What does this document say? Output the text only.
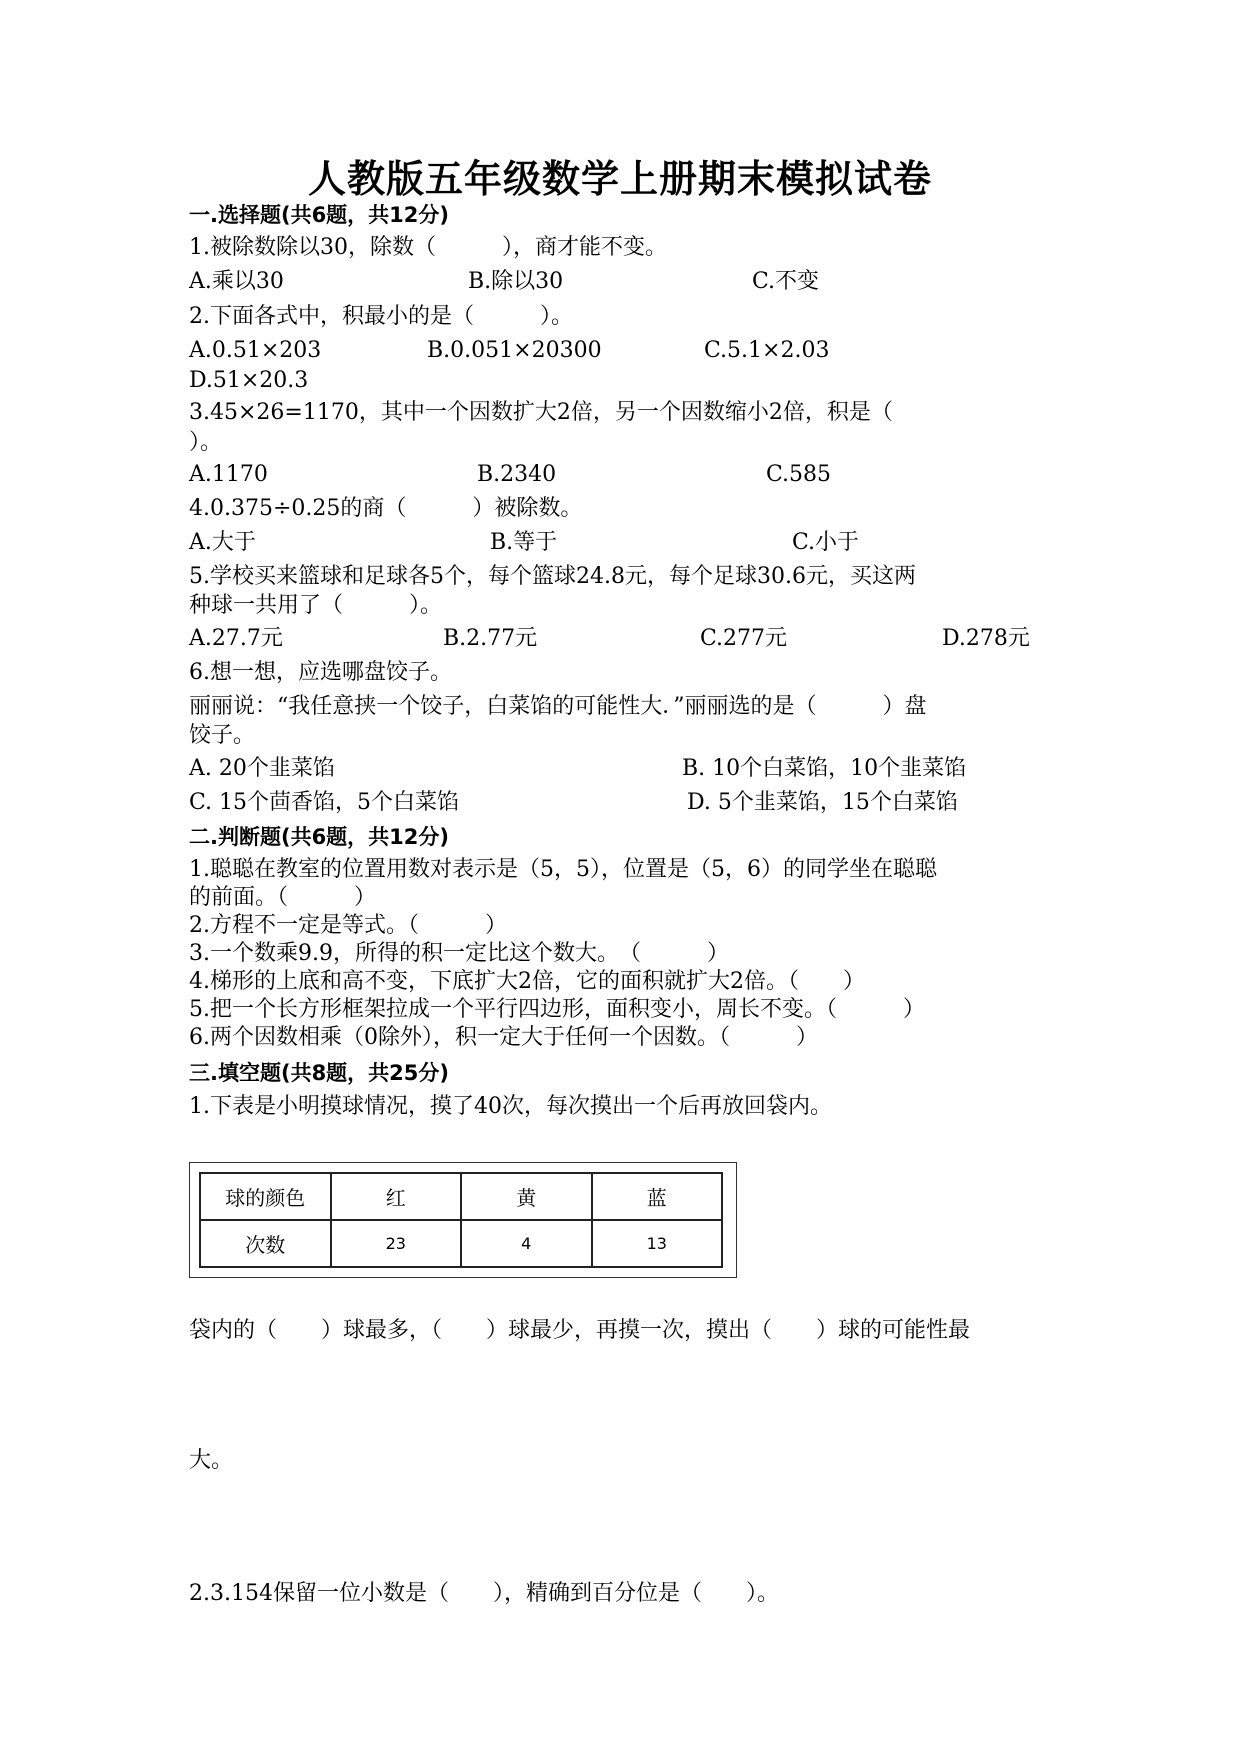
人教版五年级数学上册期末模拟试卷
一.选择题(共6题，共12分)
1.被除数除以30，除数（　　　），商才能不变。
A.乘以30	B.除以30	C.不变
2.下面各式中，积最小的是（　　　）。
A.0.51×203	B.0.051×20300	C.5.1×2.03
D.51×20.3
3.45×26=1170，其中一个因数扩大2倍，另一个因数缩小2倍，积是（
）。
A.1170	B.2340	C.585
4.0.375÷0.25的商（　　　）被除数。
A.大于	B.等于	C.小于
5.学校买来篮球和足球各5个，每个篮球24.8元，每个足球30.6元，买这两
种球一共用了（　　　）。
A.27.7元	B.2.77元	C.277元	D.278元
6.想一想，应选哪盘饺子。
丽丽说：“我任意挟一个饺子，白菜馅的可能性大．”丽丽选的是（　　　）盘
饺子。
A. 20个韭菜馅	B. 10个白菜馅，10个韭菜馅
C. 15个茴香馅，5个白菜馅	D. 5个韭菜馅，15个白菜馅
二.判断题(共6题，共12分)
1.聪聪在教室的位置用数对表示是（5，5），位置是（5，6）的同学坐在聪聪
的前面。（　　　）
2.方程不一定是等式。（　　　）
3.一个数乘9.9，所得的积一定比这个数大。　（　　　）
4.梯形的上底和高不变，下底扩大2倍，它的面积就扩大2倍。（　　）
5.把一个长方形框架拉成一个平行四边形，面积变小，周长不变。（　　　）
6.两个因数相乘（0除外），积一定大于任何一个因数。（　　　）
三.填空题(共8题，共25分)
1.下表是小明摸球情况，摸了40次，每次摸出一个后再放回袋内。
球的颜色	红	黄	蓝
次数	23	4	13
袋内的（　　）球最多，（　　）球最少，再摸一次，摸出（　　）球的可能性最
大。
2.3.154保留一位小数是（　　），精确到百分位是（　　）。
